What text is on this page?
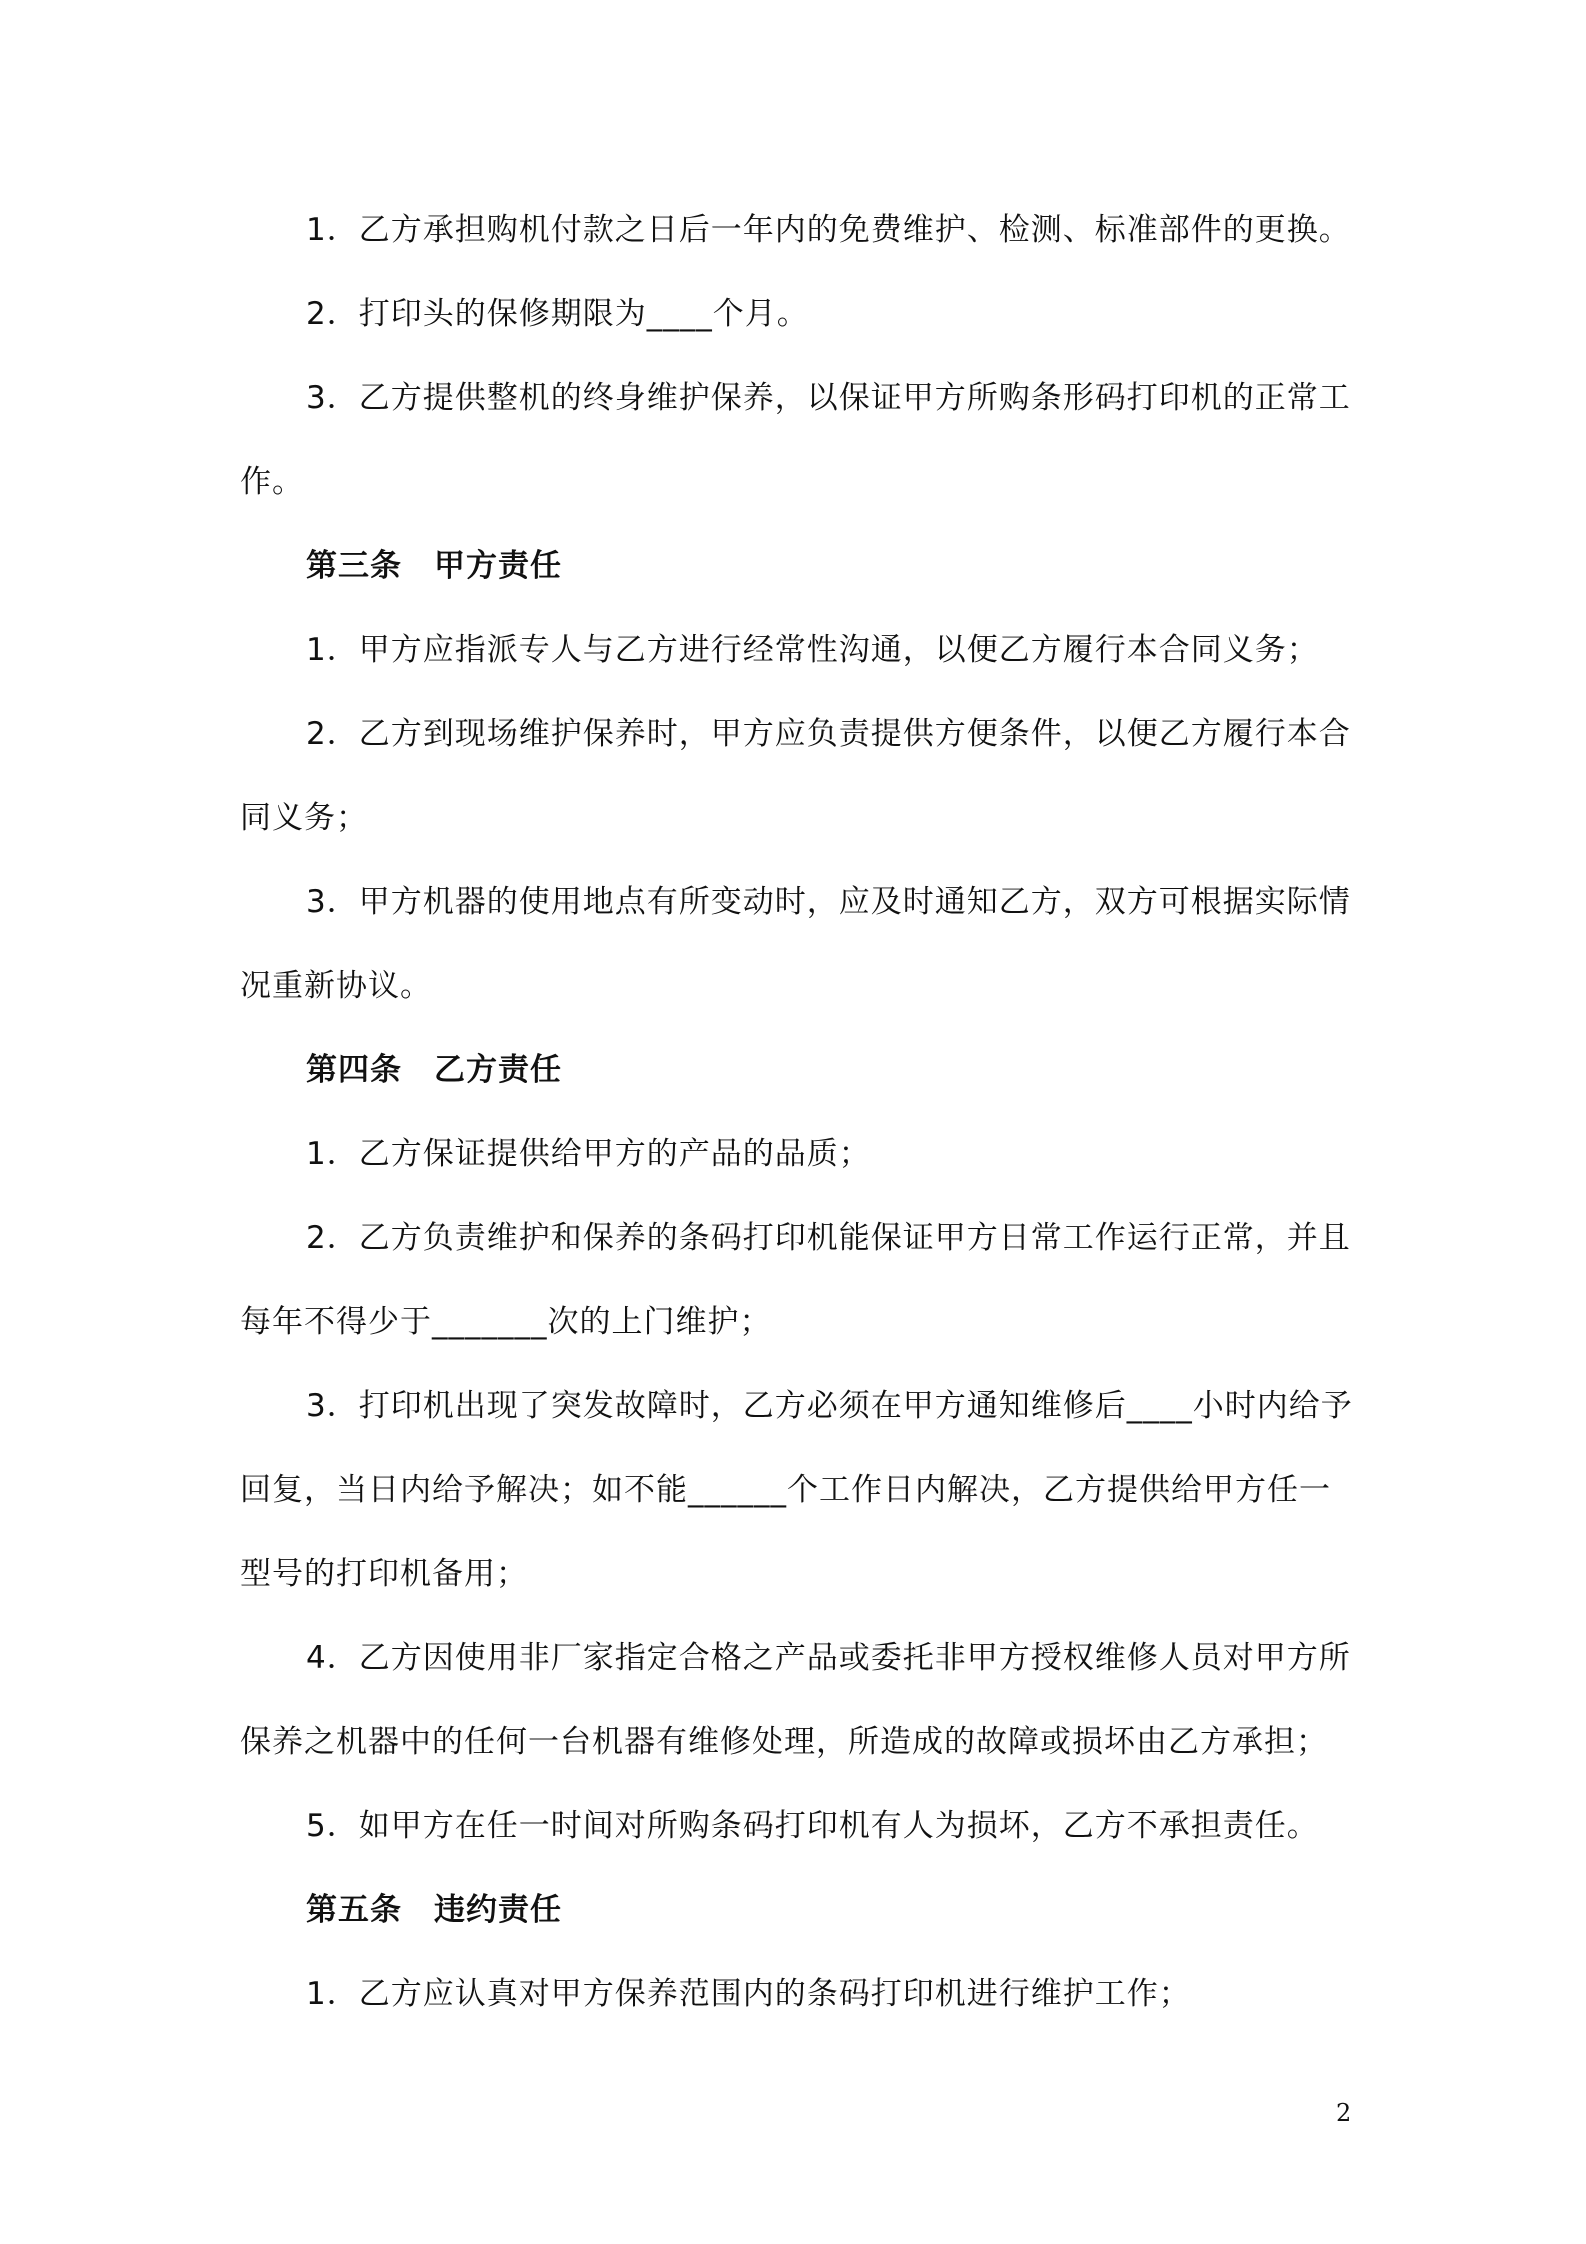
1．乙方承担购机付款之日后一年内的免费维护、检测、标准部件的更换。
2．打印头的保修期限为____个月。
3．乙方提供整机的终身维护保养，以保证甲方所购条形码打印机的正常工
作。
第三条　甲方责任
1．甲方应指派专人与乙方进行经常性沟通，以便乙方履行本合同义务；
2．乙方到现场维护保养时，甲方应负责提供方便条件，以便乙方履行本合
同义务；
3．甲方机器的使用地点有所变动时，应及时通知乙方，双方可根据实际情
况重新协议。
第四条　乙方责任
1．乙方保证提供给甲方的产品的品质；
2．乙方负责维护和保养的条码打印机能保证甲方日常工作运行正常，并且
每年不得少于_______次的上门维护；
3．打印机出现了突发故障时，乙方必须在甲方通知维修后____小时内给予
回复，当日内给予解决；如不能______个工作日内解决，乙方提供给甲方任一
型号的打印机备用；
4．乙方因使用非厂家指定合格之产品或委托非甲方授权维修人员对甲方所
保养之机器中的任何一台机器有维修处理，所造成的故障或损坏由乙方承担；
5．如甲方在任一时间对所购条码打印机有人为损坏，乙方不承担责任。
第五条　违约责任
1．乙方应认真对甲方保养范围内的条码打印机进行维护工作；
2
